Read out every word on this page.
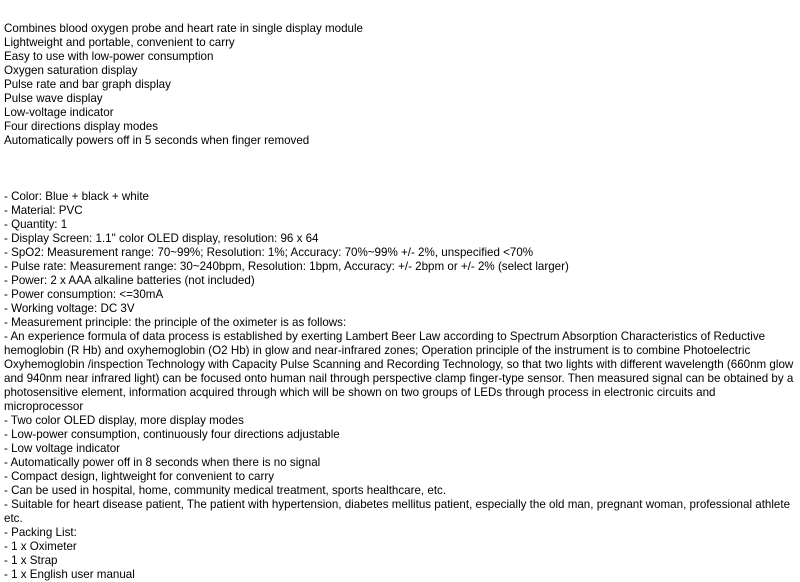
Combines blood oxygen probe and heart rate in single display module
Lightweight and portable, convenient to carry
Easy to use with low-power consumption
Oxygen saturation display
Pulse rate and bar graph display
Pulse wave display
Low-voltage indicator
Four directions display modes
Automatically powers off in 5 seconds when finger removed
- Color: Blue + black + white
- Material: PVC
- Quantity: 1
- Display Screen: 1.1" color OLED display, resolution: 96 x 64
- SpO2: Measurement range: 70~99%; Resolution: 1%; Accuracy: 70%~99% +/- 2%, unspecified <70%
- Pulse rate: Measurement range: 30~240bpm, Resolution: 1bpm, Accuracy: +/- 2bpm or +/- 2% (select larger)
- Power: 2 x AAA alkaline batteries (not included)
- Power consumption: <=30mA
- Working voltage: DC 3V
- Measurement principle: the principle of the oximeter is as follows:
- An experience formula of data process is established by exerting Lambert Beer Law according to Spectrum Absorption Characteristics of Reductive hemoglobin (R Hb) and oxyhemoglobin (O2 Hb) in glow and near-infrared zones; Operation principle of the instrument is to combine Photoelectric Oxyhemoglobin /inspection Technology with Capacity Pulse Scanning and Recording Technology, so that two lights with different wavelength (660nm glow and 940nm near infrared light) can be focused onto human nail through perspective clamp finger-type sensor. Then measured signal can be obtained by a photosensitive element, information acquired through which will be shown on two groups of LEDs through process in electronic circuits and microprocessor
- Two color OLED display, more display modes
- Low-power consumption, continuously four directions adjustable
- Low voltage indicator
- Automatically power off in 8 seconds when there is no signal
- Compact design, lightweight for convenient to carry
- Can be used in hospital, home, community medical treatment, sports healthcare, etc.
- Suitable for heart disease patient, The patient with hypertension, diabetes mellitus patient, especially the old man, pregnant woman, professional athlete etc.
- Packing List:
- 1 x Oximeter
- 1 x Strap
- 1 x English user manual
